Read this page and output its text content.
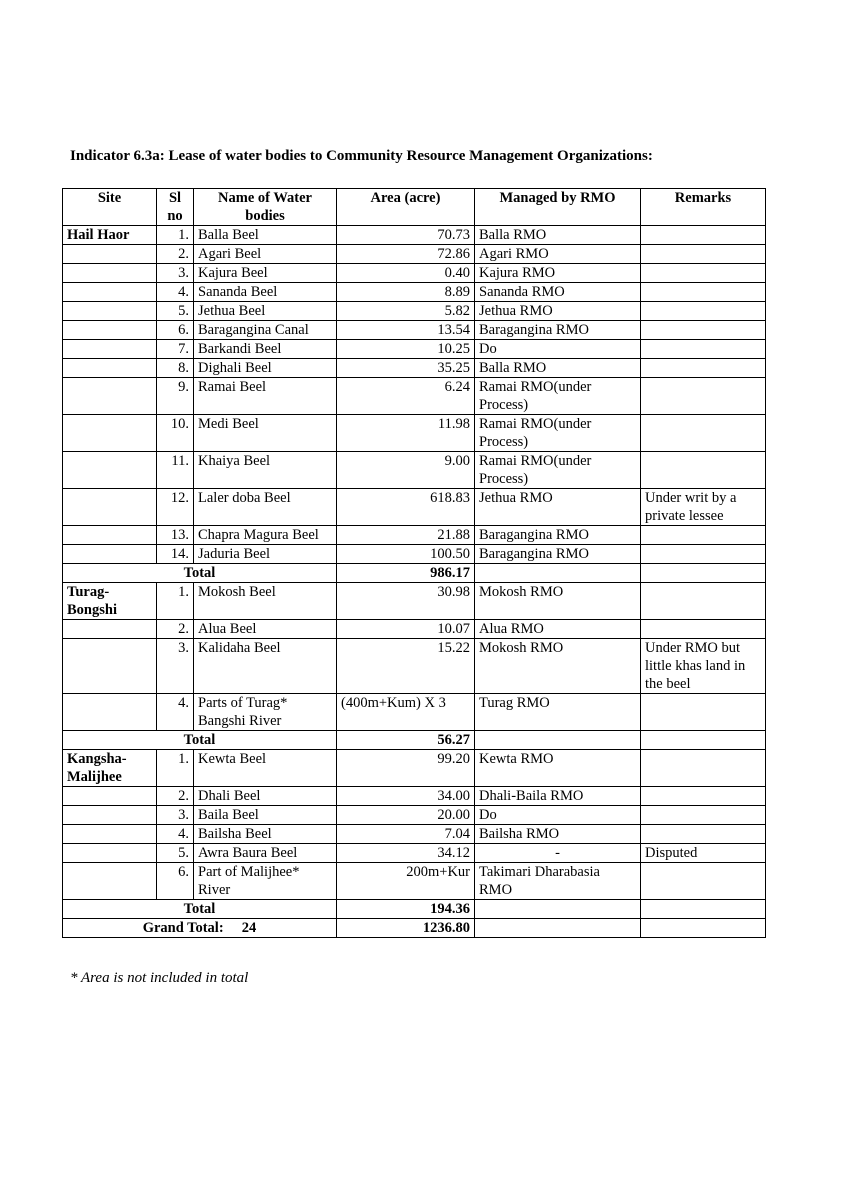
Indicator 6.3a: Lease of water bodies to Community Resource Management Organizations:
Site	Sl no	Name of Water bodies	Area (acre)	Managed by RMO	Remarks
Hail Haor	1.	Balla Beel	70.73	Balla RMO	
	2.	Agari Beel	72.86	Agari RMO	
	3.	Kajura Beel	0.40	Kajura RMO	
	4.	Sananda Beel	8.89	Sananda RMO	
	5.	Jethua Beel	5.82	Jethua RMO	
	6.	Baragangina Canal	13.54	Baragangina RMO	
	7.	Barkandi Beel	10.25	Do	
	8.	Dighali Beel	35.25	Balla RMO	
	9.	Ramai Beel	6.24	Ramai RMO(under Process)	
	10.	Medi Beel	11.98	Ramai RMO(under Process)	
	11.	Khaiya Beel	9.00	Ramai RMO(under Process)	
	12.	Laler doba Beel	618.83	Jethua RMO	Under writ by a private lessee
	13.	Chapra Magura Beel	21.88	Baragangina RMO	
	14.	Jaduria Beel	100.50	Baragangina RMO	
Total			986.17		
Turag-Bongshi	1.	Mokosh Beel	30.98	Mokosh RMO	
	2.	Alua Beel	10.07	Alua RMO	
	3.	Kalidaha Beel	15.22	Mokosh RMO	Under RMO but little khas land in the beel
	4.	Parts of Turag* Bangshi River	(400m+Kum) X 3	Turag RMO	
Total			56.27		
Kangsha-Malijhee	1.	Kewta Beel	99.20	Kewta RMO	
	2.	Dhali Beel	34.00	Dhali-Baila RMO	
	3.	Baila Beel	20.00	Do	
	4.	Bailsha Beel	7.04	Bailsha RMO	
	5.	Awra Baura Beel	34.12	-	Disputed
	6.	Part of Malijhee* River	200m+Kur	Takimari Dharabasia RMO	
Total			194.36		
Grand Total: 24			1236.80		
* Area is not included in total
